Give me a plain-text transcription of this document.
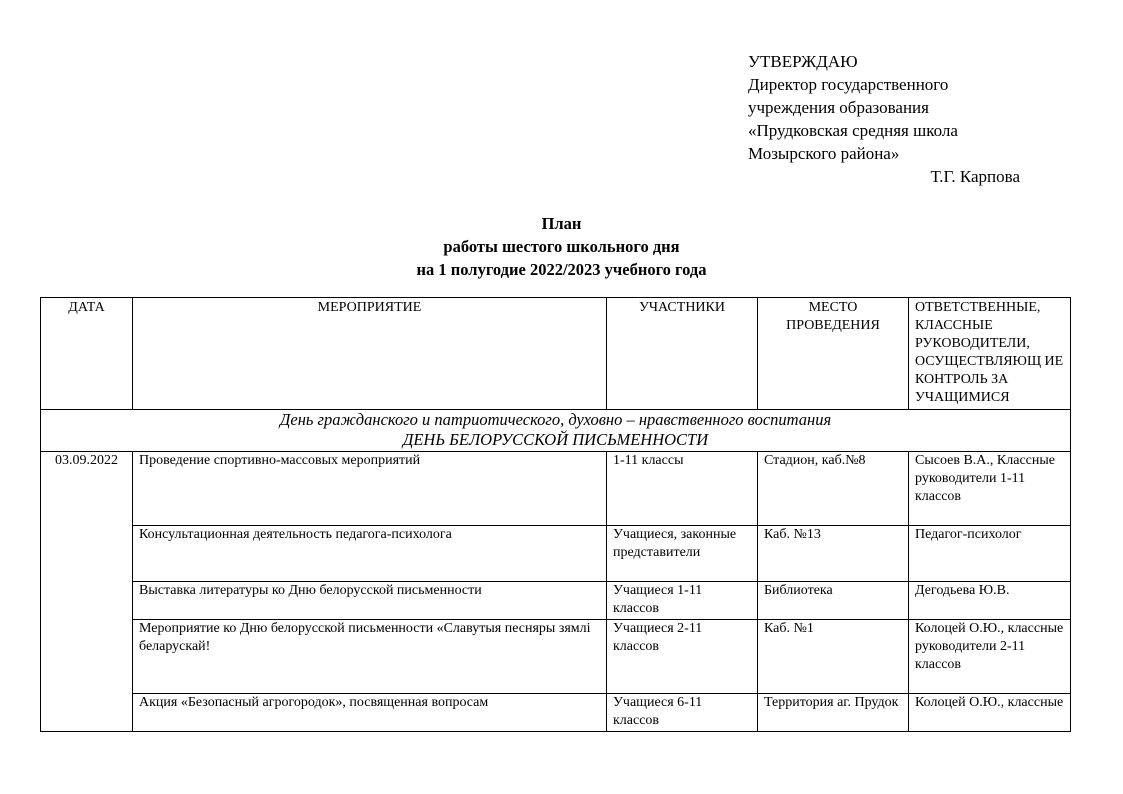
УТВЕРЖДАЮ
Директор государственного
учреждения образования
«Прудковская средняя школа
Мозырского района»
Т.Г. Карпова
План
работы шестого школьного дня
на 1 полугодие 2022/2023 учебного года
ДАТА	МЕРОПРИЯТИЕ	УЧАСТНИКИ	МЕСТО ПРОВЕДЕНИЯ	ОТВЕТСТВЕННЫЕ, КЛАССНЫЕ РУКОВОДИТЕЛИ, ОСУЩЕСТВЛЯЮЩ ИЕ КОНТРОЛЬ ЗА УЧАЩИМИСЯ

День гражданского и патриотического, духовно – нравственного воспитания
ДЕНЬ БЕЛОРУССКОЙ ПИСЬМЕННОСТИ				

03.09.2022	Проведение спортивно-массовых мероприятий	1-11 классы	Стадион, каб.№8	Сысоев В.А., Классные руководители 1-11 классов
	Консультационная деятельность педагога-психолога	Учащиеся, законные представители	Каб. №13	Педагог-психолог
	Выставка литературы ко Дню белорусской письменности	Учащиеся 1-11 классов	Библиотека	Дегодьева Ю.В.
	Мероприятие ко Дню белорусской письменности «Славутыя песняры зямлі беларускай!	Учащиеся 2-11 классов	Каб. №1	Колоцей О.Ю., классные руководители 2-11 классов
	Акция «Безопасный агрогородок», посвященная вопросам	Учащиеся 6-11 классов	Территория аг. Прудок	Колоцей О.Ю., классные
